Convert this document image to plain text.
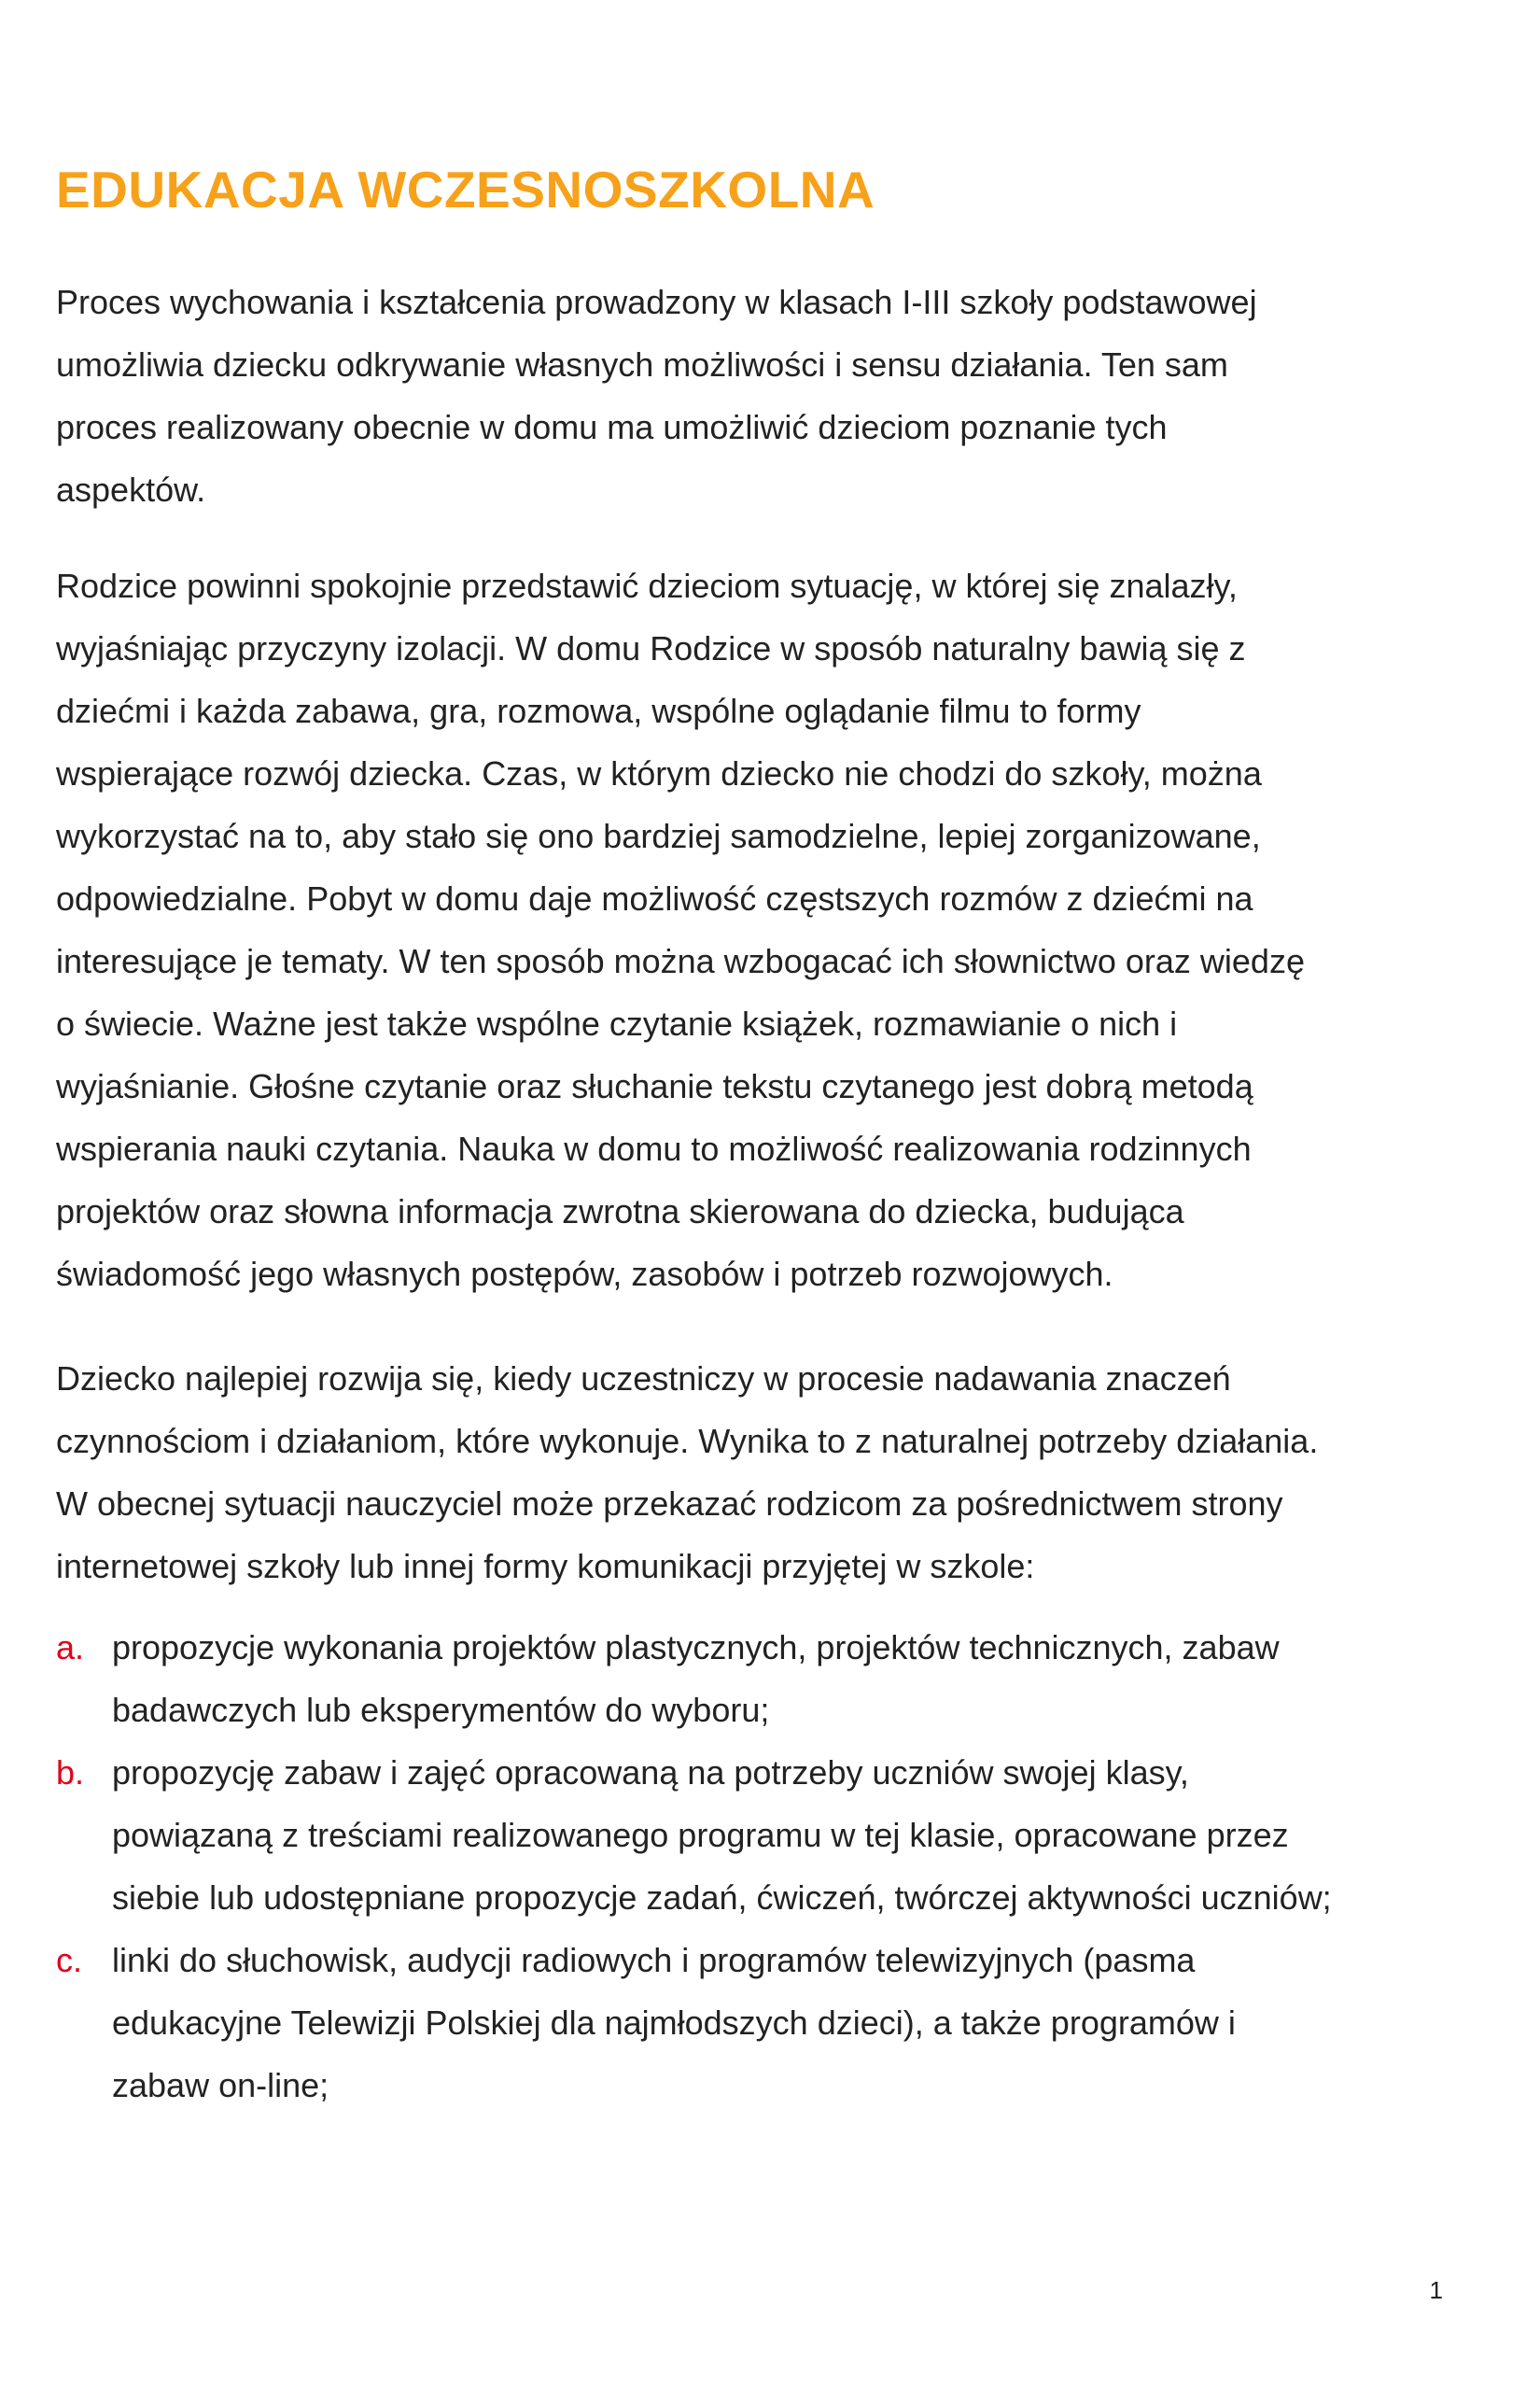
EDUKACJA WCZESNOSZKOLNA

Proces wychowania i kształcenia prowadzony w klasach I-III szkoły podstawowej
umożliwia dziecku odkrywanie własnych możliwości i sensu działania. Ten sam
proces realizowany obecnie w domu ma umożliwić dzieciom poznanie tych
aspektów.

Rodzice powinni spokojnie przedstawić dzieciom sytuację, w której się znalazły,
wyjaśniając przyczyny izolacji. W domu Rodzice w sposób naturalny bawią się z
dziećmi i każda zabawa, gra, rozmowa, wspólne oglądanie filmu to formy
wspierające rozwój dziecka. Czas, w którym dziecko nie chodzi do szkoły, można
wykorzystać na to, aby stało się ono bardziej samodzielne, lepiej zorganizowane,
odpowiedzialne. Pobyt w domu daje możliwość częstszych rozmów z dziećmi na
interesujące je tematy. W ten sposób można wzbogacać ich słownictwo oraz wiedzę
o świecie. Ważne jest także wspólne czytanie książek, rozmawianie o nich i
wyjaśnianie. Głośne czytanie oraz słuchanie tekstu czytanego jest dobrą metodą
wspierania nauki czytania. Nauka w domu to możliwość realizowania rodzinnych
projektów oraz słowna informacja zwrotna skierowana do dziecka, budująca
świadomość jego własnych postępów, zasobów i potrzeb rozwojowych.

Dziecko najlepiej rozwija się, kiedy uczestniczy w procesie nadawania znaczeń
czynnościom i działaniom, które wykonuje. Wynika to z naturalnej potrzeby działania.
W obecnej sytuacji nauczyciel może przekazać rodzicom za pośrednictwem strony
internetowej szkoły lub innej formy komunikacji przyjętej w szkole:

a. propozycje wykonania projektów plastycznych, projektów technicznych, zabaw
badawczych lub eksperymentów do wyboru;
b. propozycję zabaw i zajęć opracowaną na potrzeby uczniów swojej klasy,
powiązaną z treściami realizowanego programu w tej klasie, opracowane przez
siebie lub udostępniane propozycje zadań, ćwiczeń, twórczej aktywności uczniów;
c. linki do słuchowisk, audycji radiowych i programów telewizyjnych (pasma
edukacyjne Telewizji Polskiej dla najmłodszych dzieci), a także programów i
zabaw on-line;
1
